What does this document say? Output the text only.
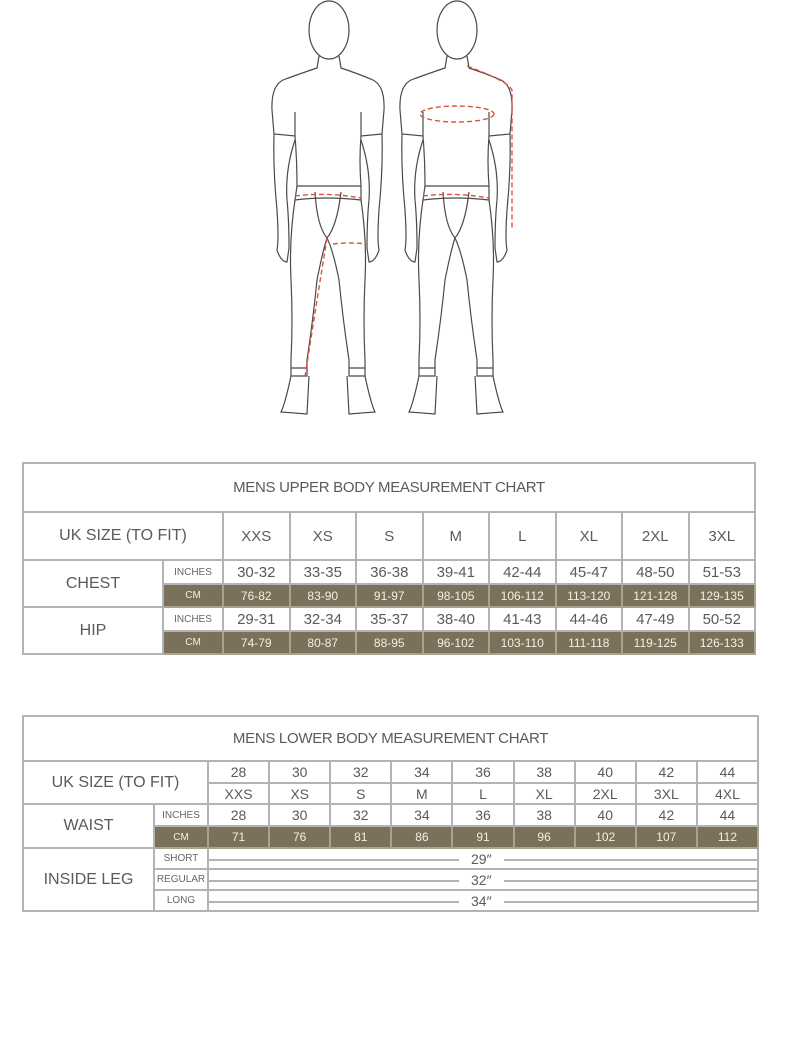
MENS UPPER BODY MEASUREMENT CHART									
UK SIZE (TO FIT)		XXS	XS	S	M	L	XL	2XL	3XL
CHEST	INCHES	30-32	33-35	36-38	39-41	42-44	45-47	48-50	51-53
	CM	76-82	83-90	91-97	98-105	106-112	113-120	121-128	129-135
HIP	INCHES	29-31	32-34	35-37	38-40	41-43	44-46	47-49	50-52
	CM	74-79	80-87	88-95	96-102	103-110	111-118	119-125	126-133
MENS LOWER BODY MEASUREMENT CHART										
UK SIZE (TO FIT)		28	30	32	34	36	38	40	42	44
		XXS	XS	S	M	L	XL	2XL	3XL	4XL
WAIST	INCHES	28	30	32	34	36	38	40	42	44
	CM	71	76	81	86	91	96	102	107	112
INSIDE LEG	SHORT	29″								

	REGULAR	32″								

	LONG	34″								
